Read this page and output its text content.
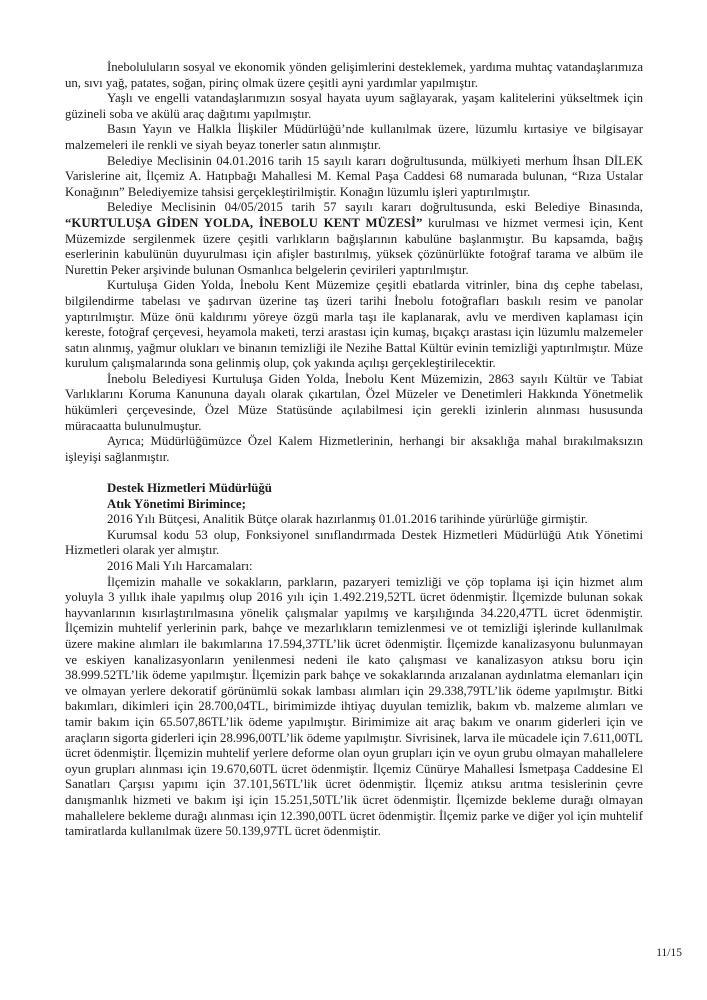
İneboluluların sosyal ve ekonomik yönden gelişimlerini desteklemek, yardıma muhtaç vatandaşlarımıza un, sıvı yağ, patates, soğan, pirinç olmak üzere çeşitli ayni yardımlar yapılmıştır.

Yaşlı ve engelli vatandaşlarımızın sosyal hayata uyum sağlayarak, yaşam kalitelerini yükseltmek için güzineli soba ve akülü araç dağıtımı yapılmıştır.

Basın Yayın ve Halkla İlişkiler Müdürlüğü’nde kullanılmak üzere, lüzumlu kırtasiye ve bilgisayar malzemeleri ile renkli ve siyah beyaz tonerler satın alınmıştır.

Belediye Meclisinin 04.01.2016 tarih 15 sayılı kararı doğrultusunda, mülkiyeti merhum İhsan DİLEK Varislerine ait, İlçemiz A. Hatıpbağı Mahallesi M. Kemal Paşa Caddesi 68 numarada bulunan, “Rıza Ustalar Konağının” Belediyemize tahsisi gerçekleştirilmiştir. Konağın lüzumlu işleri yaptırılmıştır.

Belediye Meclisinin 04/05/2015 tarih 57 sayılı kararı doğrultusunda, eski Belediye Binasında, “KURTULUŞA GİDEN YOLDA, İNEBOLU KENT MÜZESİ” kurulması ve hizmet vermesi için, Kent Müzemizde sergilenmek üzere çeşitli varlıkların bağışlarının kabulüne başlanmıştır. Bu kapsamda, bağış eserlerinin kabulünün duyurulması için afişler bastırılmış, yüksek çözünürlükte fotoğraf tarama ve albüm ile Nurettin Peker arşivinde bulunan Osmanlıca belgelerin çevirileri yaptırılmıştır.

Kurtuluşa Giden Yolda, İnebolu Kent Müzemize çeşitli ebatlarda vitrinler, bina dış cephe tabelası, bilgilendirme tabelası ve şadırvan üzerine taş üzeri tarihi İnebolu fotoğrafları baskılı resim ve panolar yaptırılmıştır. Müze önü kaldırımı yöreye özgü marla taşı ile kaplanarak, avlu ve merdiven kaplaması için kereste, fotoğraf çerçevesi, heyamola maketi, terzi arastası için kumaş, bıçakçı arastası için lüzumlu malzemeler satın alınmış, yağmur olukları ve binanın temizliği ile Nezihe Battal Kültür evinin temizliği yaptırılmıştır. Müze kurulum çalışmalarında sona gelinmiş olup, çok yakında açılışı gerçekleştirilecektir.

İnebolu Belediyesi Kurtuluşa Giden Yolda, İnebolu Kent Müzemizin, 2863 sayılı Kültür ve Tabiat Varlıklarını Koruma Kanununa dayalı olarak çıkartılan, Özel Müzeler ve Denetimleri Hakkında Yönetmelik hükümleri çerçevesinde, Özel Müze Statüsünde açılabilmesi için gerekli izinlerin alınması hususunda müracaatta bulunulmuştur.

Ayrıca; Müdürlüğümüzce Özel Kalem Hizmetlerinin, herhangi bir aksaklığa mahal bırakılmaksızın işleyişi sağlanmıştır.

Destek Hizmetleri Müdürlüğü

Atık Yönetimi Birimince;

2016 Yılı Bütçesi, Analitik Bütçe olarak hazırlanmış 01.01.2016 tarihinde yürürlüğe girmiştir.

Kurumsal kodu 53 olup, Fonksiyonel sınıflandırmada Destek Hizmetleri Müdürlüğü Atık Yönetimi Hizmetleri olarak yer almıştır.

2016 Mali Yılı Harcamaları:

İlçemizin mahalle ve sokakların, parkların, pazaryeri temizliği ve çöp toplama işi için hizmet alım yoluyla 3 yıllık ihale yapılmış olup 2016 yılı için 1.492.219,52TL ücret ödenmiştir. İlçemizde bulunan sokak hayvanlarının kısırlaştırılmasına yönelik çalışmalar yapılmış ve karşılığında 34.220,47TL ücret ödenmiştir. İlçemizin muhtelif yerlerinin park, bahçe ve mezarlıkların temizlenmesi ve ot temizliği işlerinde kullanılmak üzere makine alımları ile bakımlarına 17.594,37TL’lik ücret ödenmiştir. İlçemizde kanalizasyonu bulunmayan ve eskiyen kanalizasyonların yenilenmesi nedeni ile kato çalışması ve kanalizasyon atıksu boru için 38.999.52TL’lik ödeme yapılmıştır. İlçemizin park bahçe ve sokaklarında arızalanan aydınlatma elemanları için ve olmayan yerlere dekoratif görünümlü sokak lambası alımları için 29.338,79TL’lik ödeme yapılmıştır. Bitki bakımları, dikimleri için 28.700,04TL, birimimizde ihtiyaç duyulan temizlik, bakım vb. malzeme alımları ve tamir bakım için 65.507,86TL’lik ödeme yapılmıştır. Birimimize ait araç bakım ve onarım giderleri için ve araçların sigorta giderleri için 28.996,00TL’lik ödeme yapılmıştır. Sivrisinek, larva ile mücadele için 7.611,00TL ücret ödenmiştir. İlçemizin muhtelif yerlere deforme olan oyun grupları için ve oyun grubu olmayan mahallelere oyun grupları alınması için 19.670,60TL ücret ödenmiştir. İlçemiz Cünürye Mahallesi İsmetpaşa Caddesine El Sanatları Çarşısı yapımı için 37.101,56TL’lik ücret ödenmiştir. İlçemiz atıksu arıtma tesislerinin çevre danışmanlık hizmeti ve bakım işi için 15.251,50TL’lik ücret ödenmiştir. İlçemizde bekleme durağı olmayan mahallelere bekleme durağı alınması için 12.390,00TL ücret ödenmiştir. İlçemiz parke ve diğer yol için muhtelif tamiratlarda kullanılmak üzere 50.139,97TL ücret ödenmiştir.

11/15
